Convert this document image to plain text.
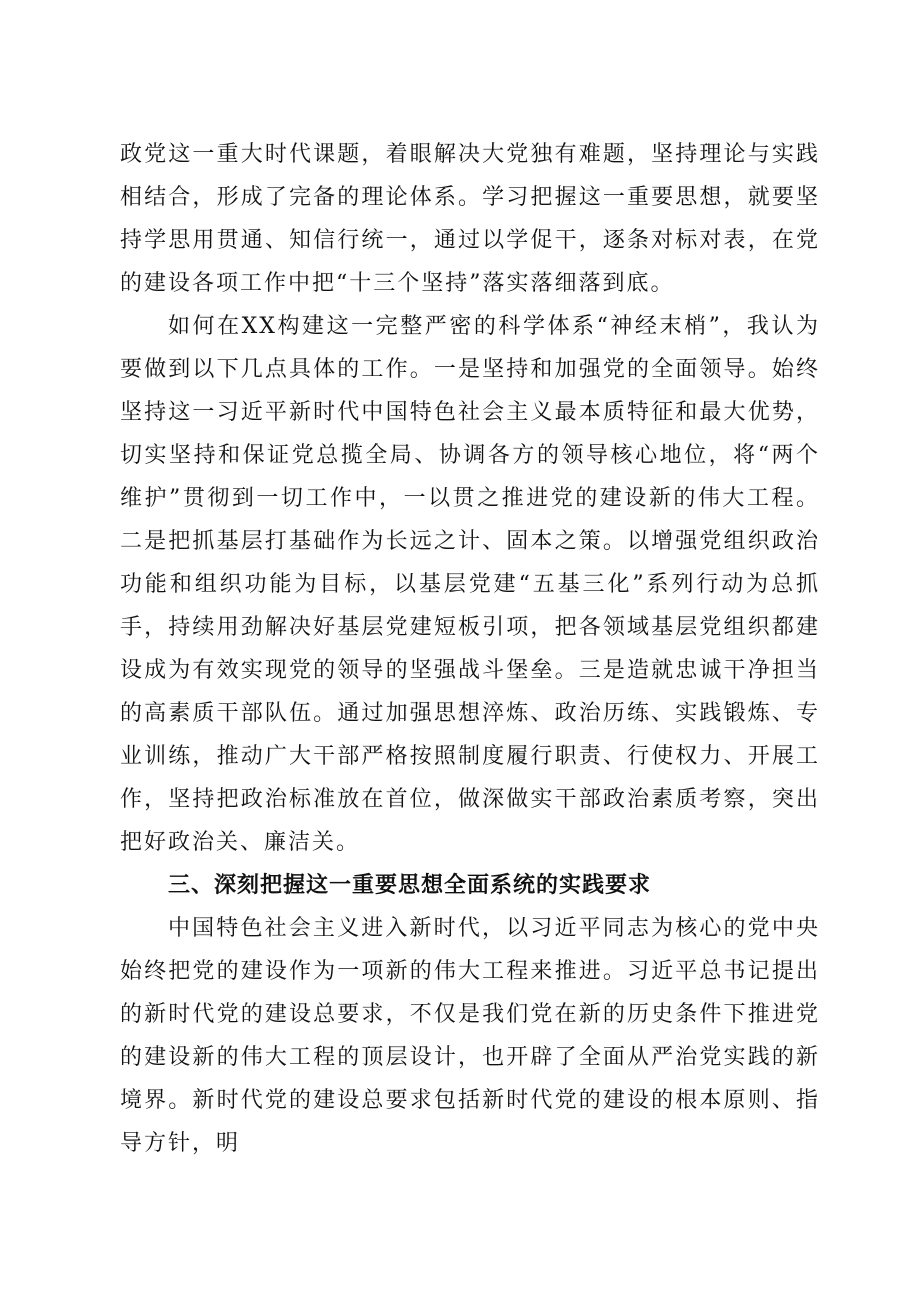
政党这一重大时代课题，着眼解决大党独有难题，坚持理论与实践相结合，形成了完备的理论体系。学习把握这一重要思想，就要坚持学思用贯通、知信行统一，通过以学促干，逐条对标对表，在党的建设各项工作中把“十三个坚持”落实落细落到底。

如何在XX构建这一完整严密的科学体系“神经末梢”，我认为要做到以下几点具体的工作。一是坚持和加强党的全面领导。始终坚持这一习近平新时代中国特色社会主义最本质特征和最大优势，切实坚持和保证党总揽全局、协调各方的领导核心地位，将“两个维护”贯彻到一切工作中，一以贯之推进党的建设新的伟大工程。二是把抓基层打基础作为长远之计、固本之策。以增强党组织政治功能和组织功能为目标，以基层党建“五基三化”系列行动为总抓手，持续用劲解决好基层党建短板引项，把各领域基层党组织都建设成为有效实现党的领导的坚强战斗堡垒。三是造就忠诚干净担当的高素质干部队伍。通过加强思想淬炼、政治历练、实践锻炼、专业训练，推动广大干部严格按照制度履行职责、行使权力、开展工作，坚持把政治标准放在首位，做深做实干部政治素质考察，突出把好政治关、廉洁关。

三、深刻把握这一重要思想全面系统的实践要求

中国特色社会主义进入新时代，以习近平同志为核心的党中央始终把党的建设作为一项新的伟大工程来推进。习近平总书记提出的新时代党的建设总要求，不仅是我们党在新的历史条件下推进党的建设新的伟大工程的顶层设计，也开辟了全面从严治党实践的新境界。新时代党的建设总要求包括新时代党的建设的根本原则、指导方针，明
